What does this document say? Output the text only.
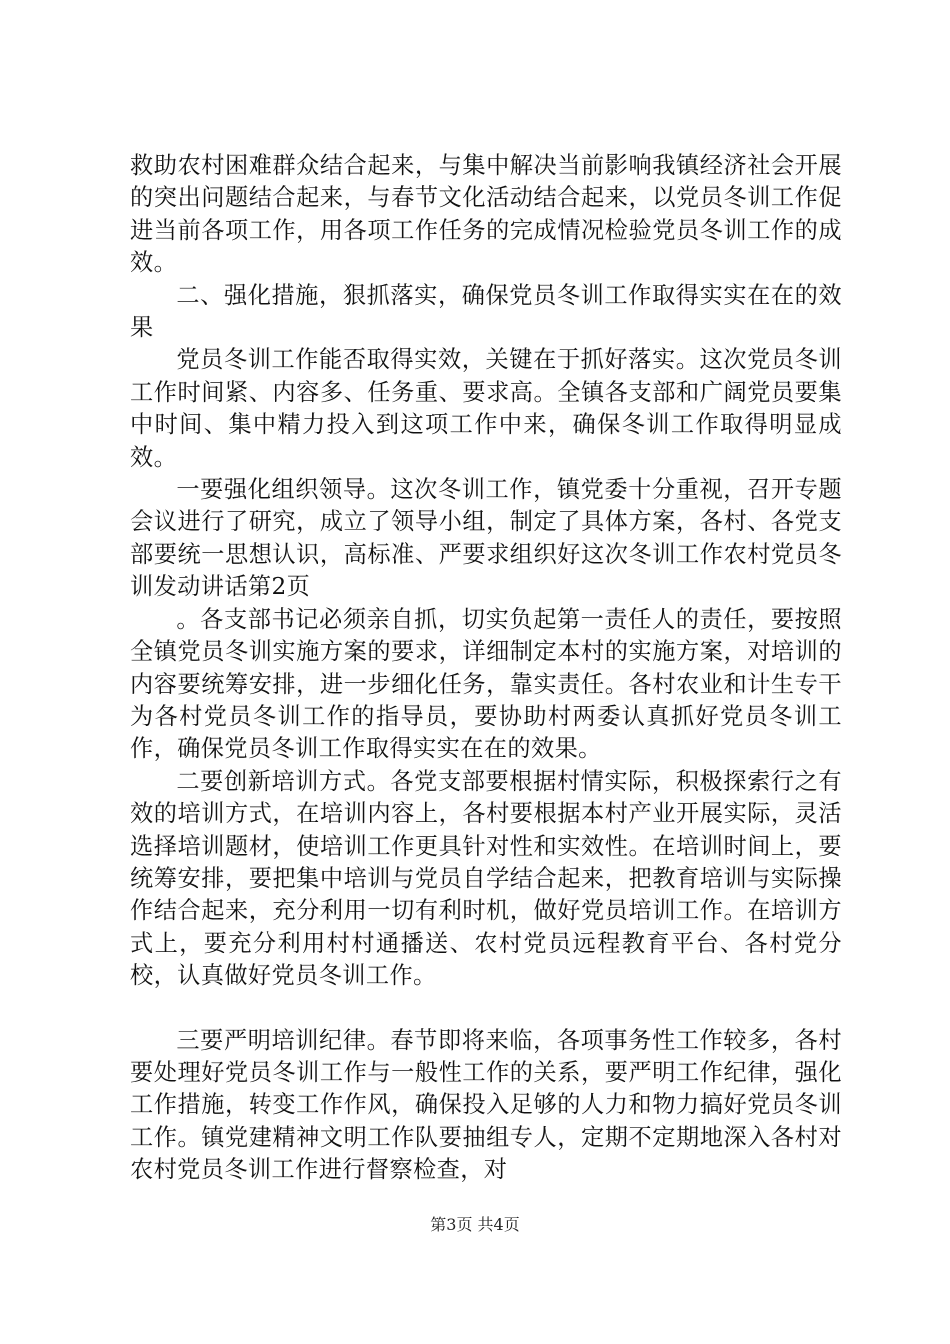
救助农村困难群众结合起来，与集中解决当前影响我镇经济社会开展的突出问题结合起来，与春节文化活动结合起来，以党员冬训工作促进当前各项工作，用各项工作任务的完成情况检验党员冬训工作的成效。

二、强化措施，狠抓落实，确保党员冬训工作取得实实在在的效果

党员冬训工作能否取得实效，关键在于抓好落实。这次党员冬训工作时间紧、内容多、任务重、要求高。全镇各支部和广阔党员要集中时间、集中精力投入到这项工作中来，确保冬训工作取得明显成效。

一要强化组织领导。这次冬训工作，镇党委十分重视，召开专题会议进行了研究，成立了领导小组，制定了具体方案，各村、各党支部要统一思想认识，高标准、严要求组织好这次冬训工作农村党员冬训发动讲话第2页

。各支部书记必须亲自抓，切实负起第一责任人的责任，要按照全镇党员冬训实施方案的要求，详细制定本村的实施方案，对培训的内容要统筹安排，进一步细化任务，靠实责任。各村农业和计生专干为各村党员冬训工作的指导员，要协助村两委认真抓好党员冬训工作，确保党员冬训工作取得实实在在的效果。

二要创新培训方式。各党支部要根据村情实际，积极探索行之有效的培训方式，在培训内容上，各村要根据本村产业开展实际，灵活选择培训题材，使培训工作更具针对性和实效性。在培训时间上，要统筹安排，要把集中培训与党员自学结合起来，把教育培训与实际操作结合起来，充分利用一切有利时机，做好党员培训工作。在培训方式上，要充分利用村村通播送、农村党员远程教育平台、各村党分校，认真做好党员冬训工作。

三要严明培训纪律。春节即将来临，各项事务性工作较多，各村要处理好党员冬训工作与一般性工作的关系，要严明工作纪律，强化工作措施，转变工作作风，确保投入足够的人力和物力搞好党员冬训工作。镇党建精神文明工作队要抽组专人，定期不定期地深入各村对农村党员冬训工作进行督察检查，对

第3页 共4页
